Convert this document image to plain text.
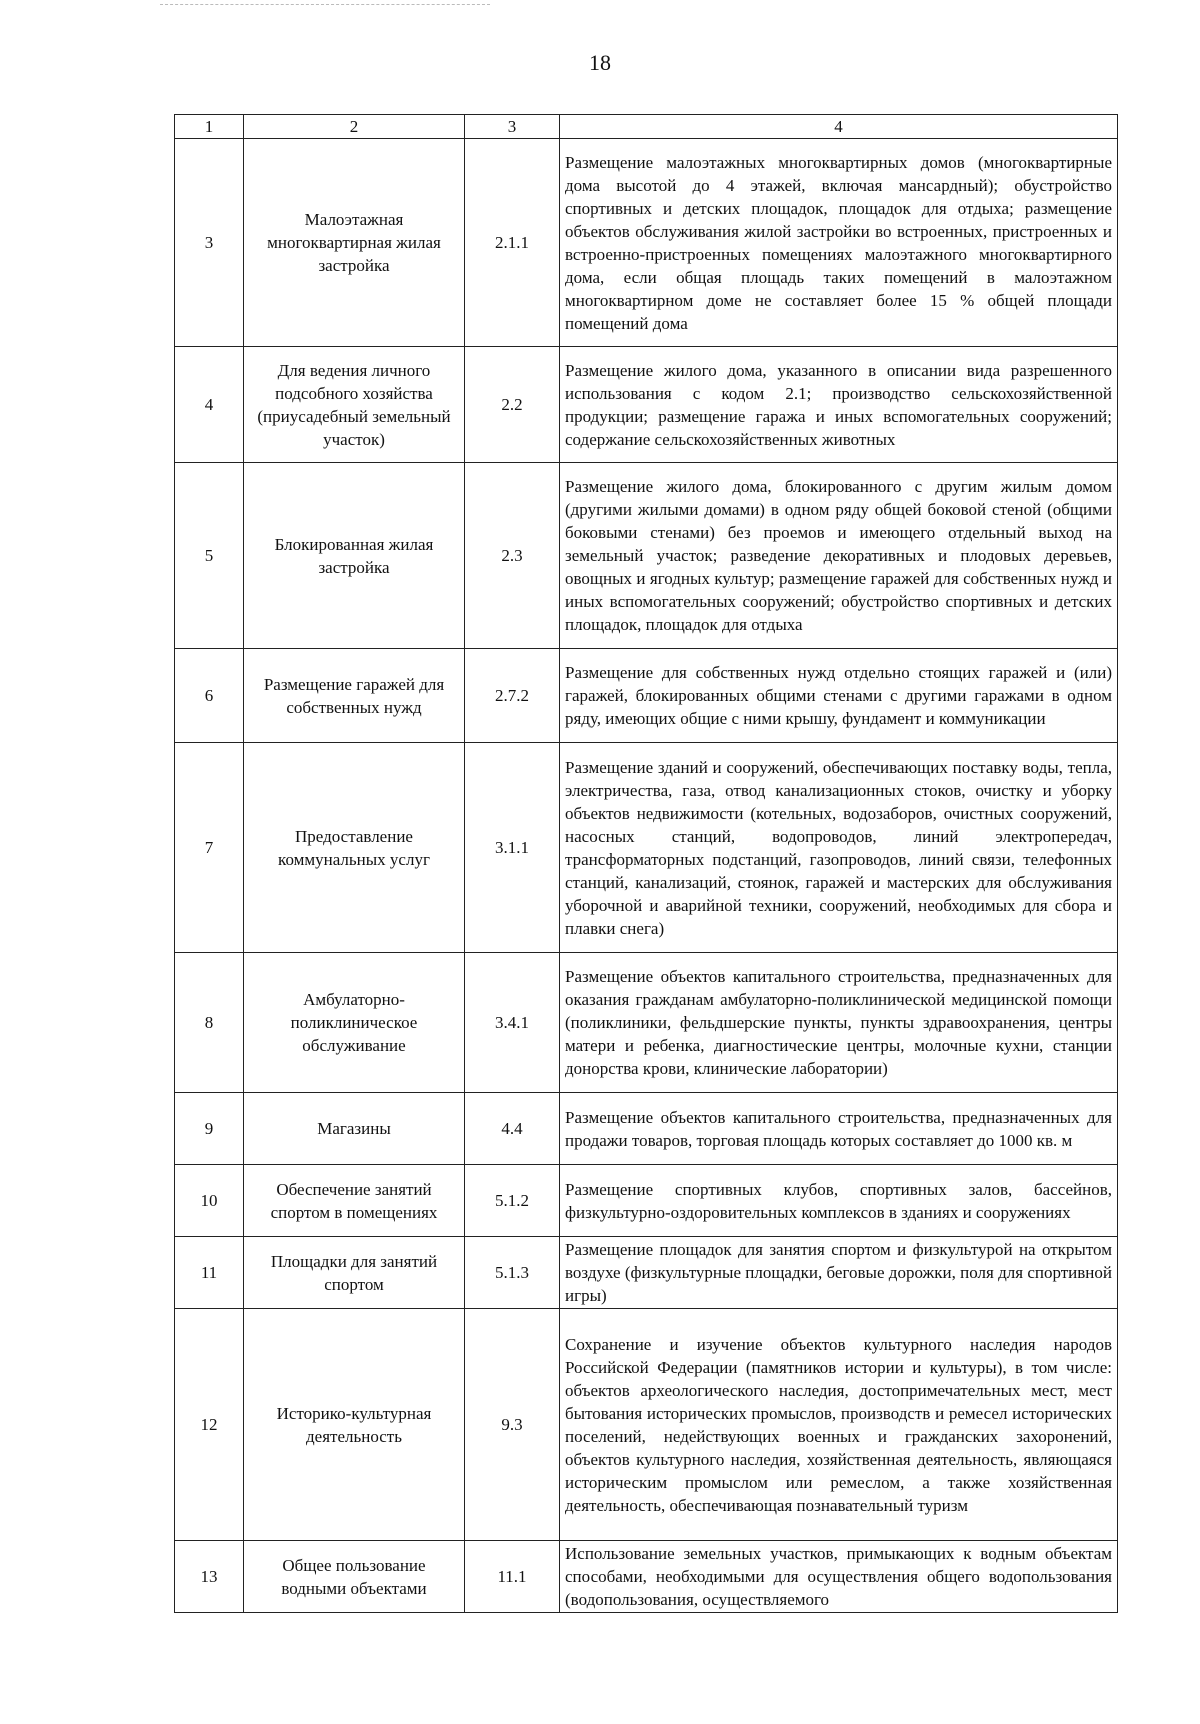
18
1	2	3	4
3	Малоэтажная многоквартирная жилая застройка	2.1.1	Размещение малоэтажных многоквартирных домов (многоквартирные дома высотой до 4 этажей, включая мансардный); обустройство спортивных и детских площадок, площадок для отдыха; размещение объектов обслуживания жилой застройки во встроенных, пристроенных и встроенно-пристроенных помещениях малоэтажного многоквартирного дома, если общая площадь таких помещений в малоэтажном многоквартирном доме не составляет более 15 % общей площади помещений дома
4	Для ведения личного подсобного хозяйства (приусадебный земельный участок)	2.2	Размещение жилого дома, указанного в описании вида разрешенного использования с кодом 2.1; производство сельскохозяйственной продукции; размещение гаража и иных вспомогательных сооружений; содержание сельскохозяйственных животных
5	Блокированная жилая застройка	2.3	Размещение жилого дома, блокированного с другим жилым домом (другими жилыми домами) в одном ряду общей боковой стеной (общими боковыми стенами) без проемов и имеющего отдельный выход на земельный участок; разведение декоративных и плодовых деревьев, овощных и ягодных культур; размещение гаражей для собственных нужд и иных вспомогательных сооружений; обустройство спортивных и детских площадок, площадок для отдыха
6	Размещение гаражей для собственных нужд	2.7.2	Размещение для собственных нужд отдельно стоящих гаражей и (или) гаражей, блокированных общими стенами с другими гаражами в одном ряду, имеющих общие с ними крышу, фундамент и коммуникации
7	Предоставление коммунальных услуг	3.1.1	Размещение зданий и сооружений, обеспечивающих поставку воды, тепла, электричества, газа, отвод канализационных стоков, очистку и уборку объектов недвижимости (котельных, водозаборов, очистных сооружений, насосных станций, водопроводов, линий электропередач, трансформаторных подстанций, газопроводов, линий связи, телефонных станций, канализаций, стоянок, гаражей и мастерских для обслуживания уборочной и аварийной техники, сооружений, необходимых для сбора и плавки снега)
8	Амбулаторно-поликлиническое обслуживание	3.4.1	Размещение объектов капитального строительства, предназначенных для оказания гражданам амбулаторно-поликлинической медицинской помощи (поликлиники, фельдшерские пункты, пункты здравоохранения, центры матери и ребенка, диагностические центры, молочные кухни, станции донорства крови, клинические лаборатории)
9	Магазины	4.4	Размещение объектов капитального строительства, предназначенных для продажи товаров, торговая площадь которых составляет до 1000 кв. м
10	Обеспечение занятий спортом в помещениях	5.1.2	Размещение спортивных клубов, спортивных залов, бассейнов, физкультурно-оздоровительных комплексов в зданиях и сооружениях
11	Площадки для занятий спортом	5.1.3	Размещение площадок для занятия спортом и физкультурой на открытом воздухе (физкультурные площадки, беговые дорожки, поля для спортивной игры)
12	Историко-культурная деятельность	9.3	Сохранение и изучение объектов культурного наследия народов Российской Федерации (памятников истории и культуры), в том числе: объектов археологического наследия, достопримечательных мест, мест бытования исторических промыслов, производств и ремесел исторических поселений, недействующих военных и гражданских захоронений, объектов культурного наследия, хозяйственная деятельность, являющаяся историческим промыслом или ремеслом, а также хозяйственная деятельность, обеспечивающая познавательный туризм
13	Общее пользование водными объектами	11.1	Использование земельных участков, примыкающих к водным объектам способами, необходимыми для осуществления общего водопользования (водопользования, осуществляемого
